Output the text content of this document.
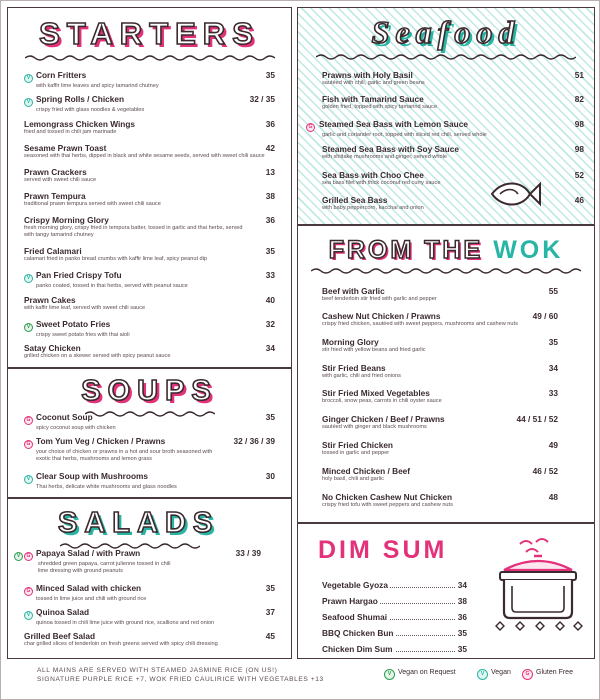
STARTERS
V Corn Fritters
with kaffir lime leaves and spicy tamarind chutney
35
V Spring Rolls / Chicken
crispy fried with glass noodles & vegetables
32 / 35
Lemongrass Chicken Wings
fried and tossed in chili jam marinade
36
Sesame Prawn Toast
seasoned with thai herbs, dipped in black and white sesame seeds, served with sweet chili sauce
42
Prawn Crackers
served with sweet chili sauce
13
Prawn Tempura
traditional prawn tempura served with sweet chili sauce
38
Crispy Morning Glory
fresh morning glory, crispy fried in tempura batter, tossed in garlic and thai herbs, served with tangy tamarind chutney
36
Fried Calamari
calamari fried in panko bread crumbs with kaffir lime leaf, spicy peanut dip
35
V Pan Fried Crispy Tofu
panko coated, tossed in thai herbs, served with peanut sauce
33
Prawn Cakes
with kaffir lime leaf, served with sweet chili sauce
40
V Sweet Potato Fries
crispy sweet potato fries with thai aioli
32
Satay Chicken
grilled chicken on a skewer served with spicy peanut sauce
34
SOUPS
G Coconut Soup
spicy coconut soup with chicken
35
G Tom Yum Veg / Chicken / Prawns
your choice of chicken or prawns in a hot and sour broth seasoned with exotic thai herbs, mushrooms and lemon grass
32 / 36 / 39
V Clear Soup with Mushrooms
Thai herbs, delicate white mushrooms and glass noodles
30
SALADS
V G Papaya Salad / with Prawn
shredded green papaya, carrot julienne tossed in chili lime dressing with ground peanuts
33 / 39
G Minced Salad with chicken
tossed in lime juice and chili with ground rice
35
V Quinoa Salad
quinoa tossed in chili lime juice with ground rice, scallions and red onion
37
Grilled Beef Salad
char grilled slices of tenderloin on fresh greens served with spicy chili dressing
45
Seafood
Prawns with Holy Basil
sautéed with chili, garlic and green beans
51
Fish with Tamarind Sauce
golden fried, topped with spicy tamarind sauce
82
G Steamed Sea Bass with Lemon Sauce
garlic and coriander root, topped with sliced red chili, served whole
98
Steamed Sea Bass with Soy Sauce
with shiitake mushrooms and ginger, served whole
98
Sea Bass with Choo Chee
sea bass filet with thick coconut red curry sauce
52
Grilled Sea Bass
with baby peppercorn, kacchai and onion
46
FROM THE WOK
Beef with Garlic
beef tenderloin stir fried with garlic and pepper
55
Cashew Nut Chicken / Prawns
crispy fried chicken, sautéed with sweet peppers, mushrooms and cashew nuts
49 / 60
Morning Glory
stir fried with yellow beans and fried garlic
35
Stir Fried Beans
with garlic, chili and fried onions
34
Stir Fried Mixed Vegetables
broccoli, snow peas, carrots in chili oyster sauce
33
Ginger Chicken / Beef / Prawns
sautéed with ginger and black mushrooms
44 / 51 / 52
Stir Fried Chicken
tossed in garlic and pepper
49
Minced Chicken / Beef
holy basil, chili and garlic
46 / 52
No Chicken Cashew Nut Chicken
crispy fried tofu with sweet peppers and cashew nuts
48
DIM SUM
Vegetable Gyoza	34
Prawn Hargao	38
Seafood Shumai	36
BBQ Chicken Bun	35
Chicken Dim Sum	35
ALL MAINS ARE SERVED WITH STEAMED JASMINE RICE (ON US!)
SIGNATURE PURPLE RICE +7, WOK FRIED CAULIRICE WITH VEGETABLES +13
V Vegan on Request	V Vegan	G Gluten Free
